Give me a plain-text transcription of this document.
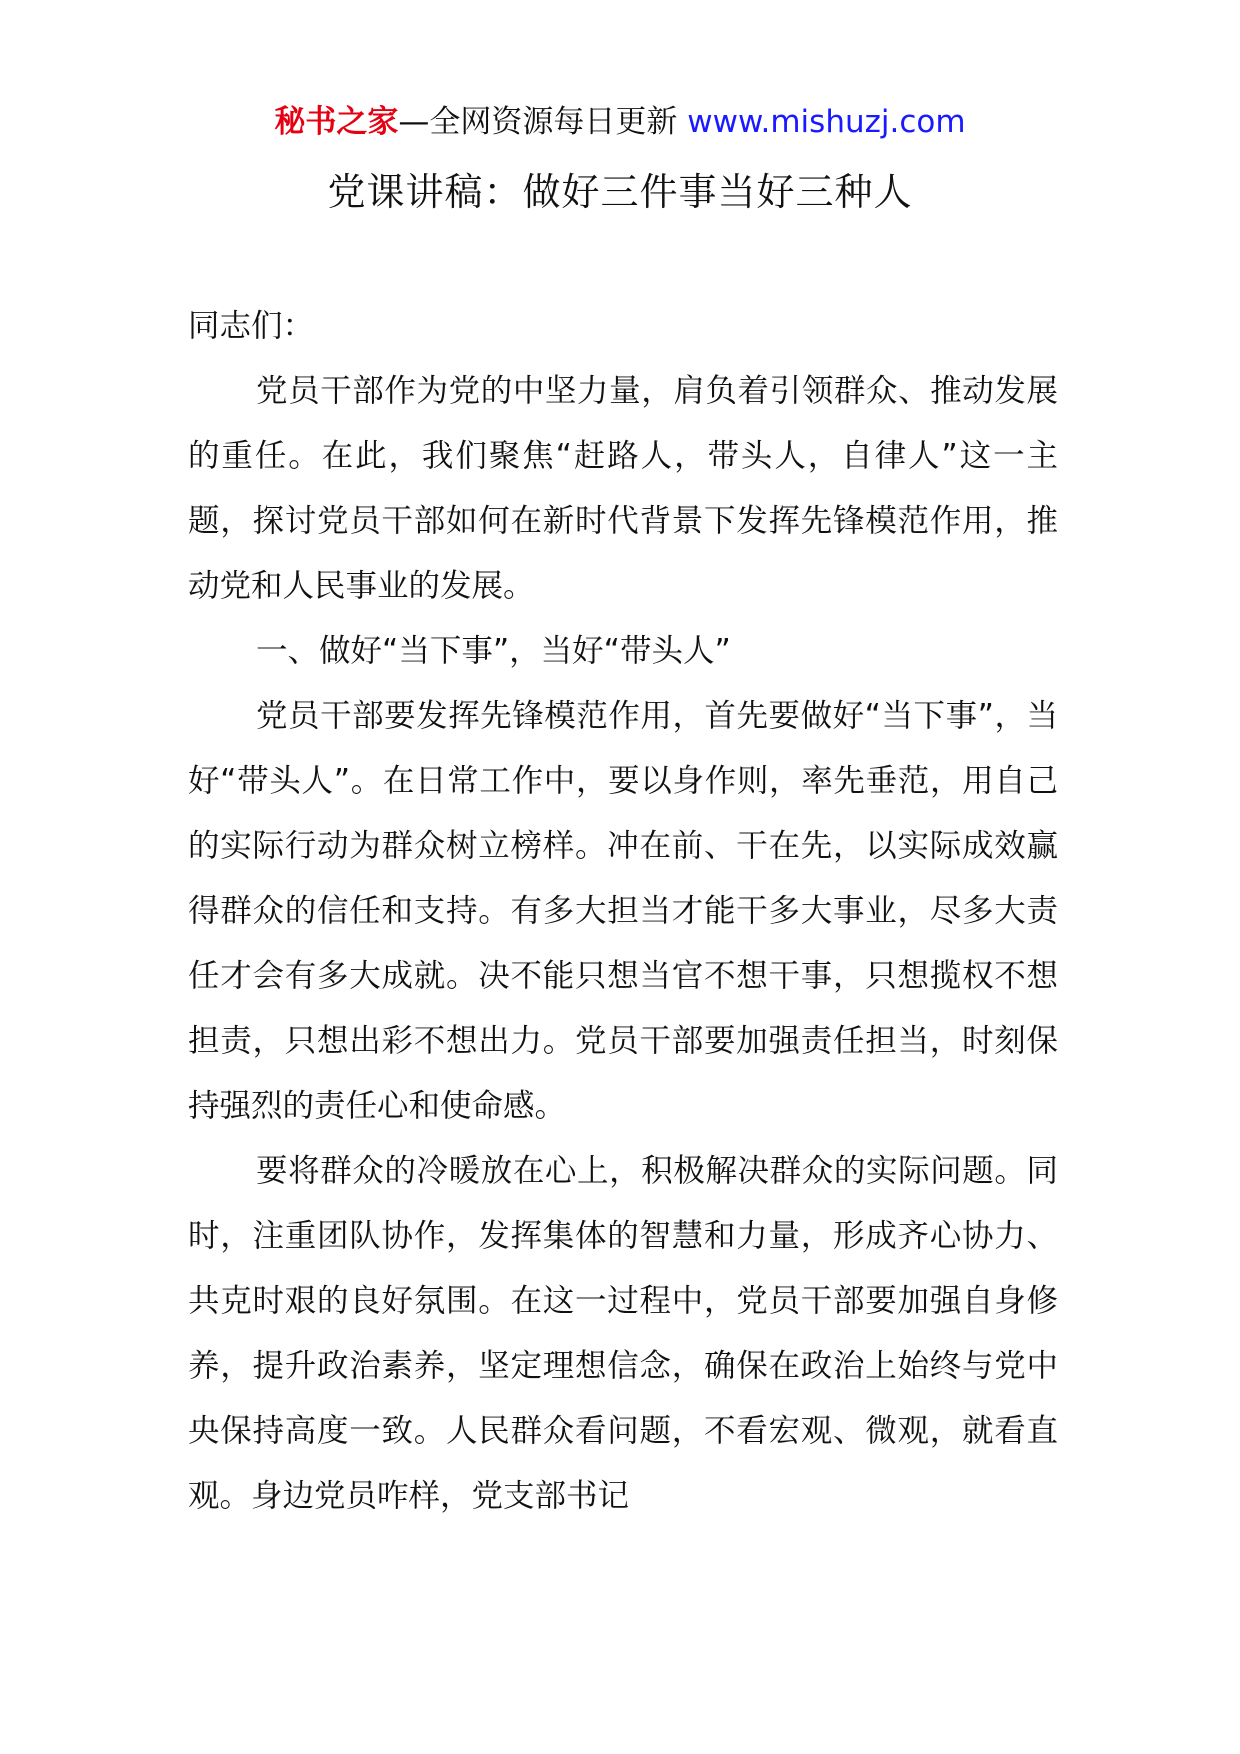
秘书之家—全网资源每日更新 www.mishuzj.com
党课讲稿：做好三件事当好三种人

同志们：

党员干部作为党的中坚力量，肩负着引领群众、推动发展的重任。在此，我们聚焦“赶路人，带头人，自律人”这一主题，探讨党员干部如何在新时代背景下发挥先锋模范作用，推动党和人民事业的发展。

一、做好“当下事”，当好“带头人”

党员干部要发挥先锋模范作用，首先要做好“当下事”，当好“带头人”。在日常工作中，要以身作则，率先垂范，用自己的实际行动为群众树立榜样。冲在前、干在先，以实际成效赢得群众的信任和支持。有多大担当才能干多大事业，尽多大责任才会有多大成就。决不能只想当官不想干事，只想揽权不想担责，只想出彩不想出力。党员干部要加强责任担当，时刻保持强烈的责任心和使命感。

要将群众的冷暖放在心上，积极解决群众的实际问题。同时，注重团队协作，发挥集体的智慧和力量，形成齐心协力、共克时艰的良好氛围。在这一过程中，党员干部要加强自身修养，提升政治素养，坚定理想信念，确保在政治上始终与党中央保持高度一致。人民群众看问题，不看宏观、微观，就看直观。身边党员咋样，党支部书记
